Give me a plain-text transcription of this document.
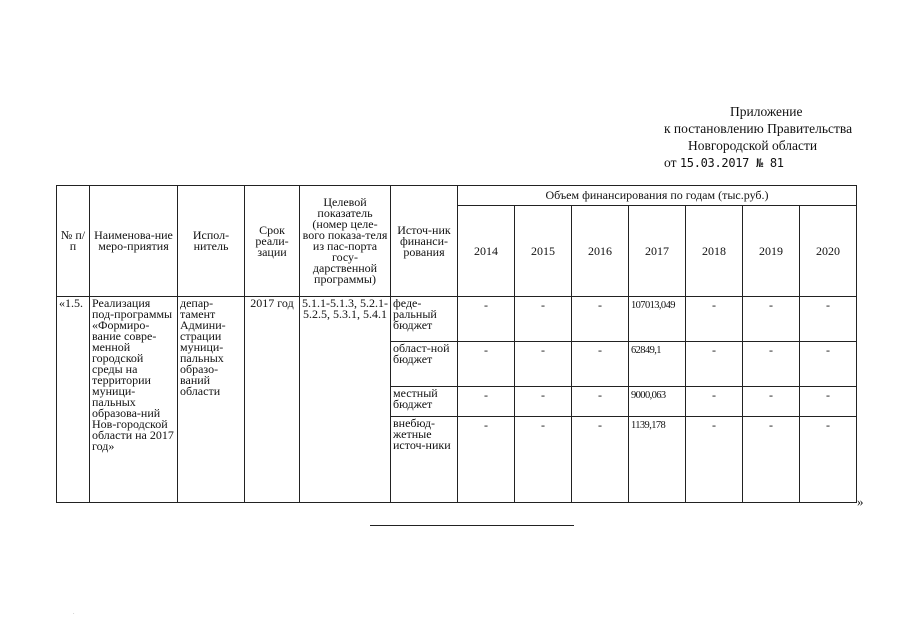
Приложение
к постановлению Правительства
Новгородской области
от 15.03.2017 № 81
№ п/п	Наименова-ние меро-приятия	Испол-нитель	Срок реали-зации	Целевой показатель (номер целе-вого показа-теля из пас-порта госу-дарственной программы)	Источ-ник финанси-рования	Объем финансирования по годам (тыс.руб.)						

						2014	2015	2016	2017	2018	2019	2020
«1.5.	Реализация под-программы «Формиро-вание совре-менной городской среды на территории муници-пальных образова-ний Нов-городской области на 2017 год»	депар-тамент Админи-страции муници-пальных образо-ваний области	2017 год	5.1.1-5.1.3, 5.2.1-5.2.5, 5.3.1, 5.4.1	феде-ральный бюджет	-	-	-	107013,049	-	-	-
					област-ной бюджет	-	-	-	62849,1	-	-	-
					местный бюджет	-	-	-	9000,063	-	-	-
					внебюд-жетные источ-ники	-	-	-	1139,178	-	-	-
»
.
